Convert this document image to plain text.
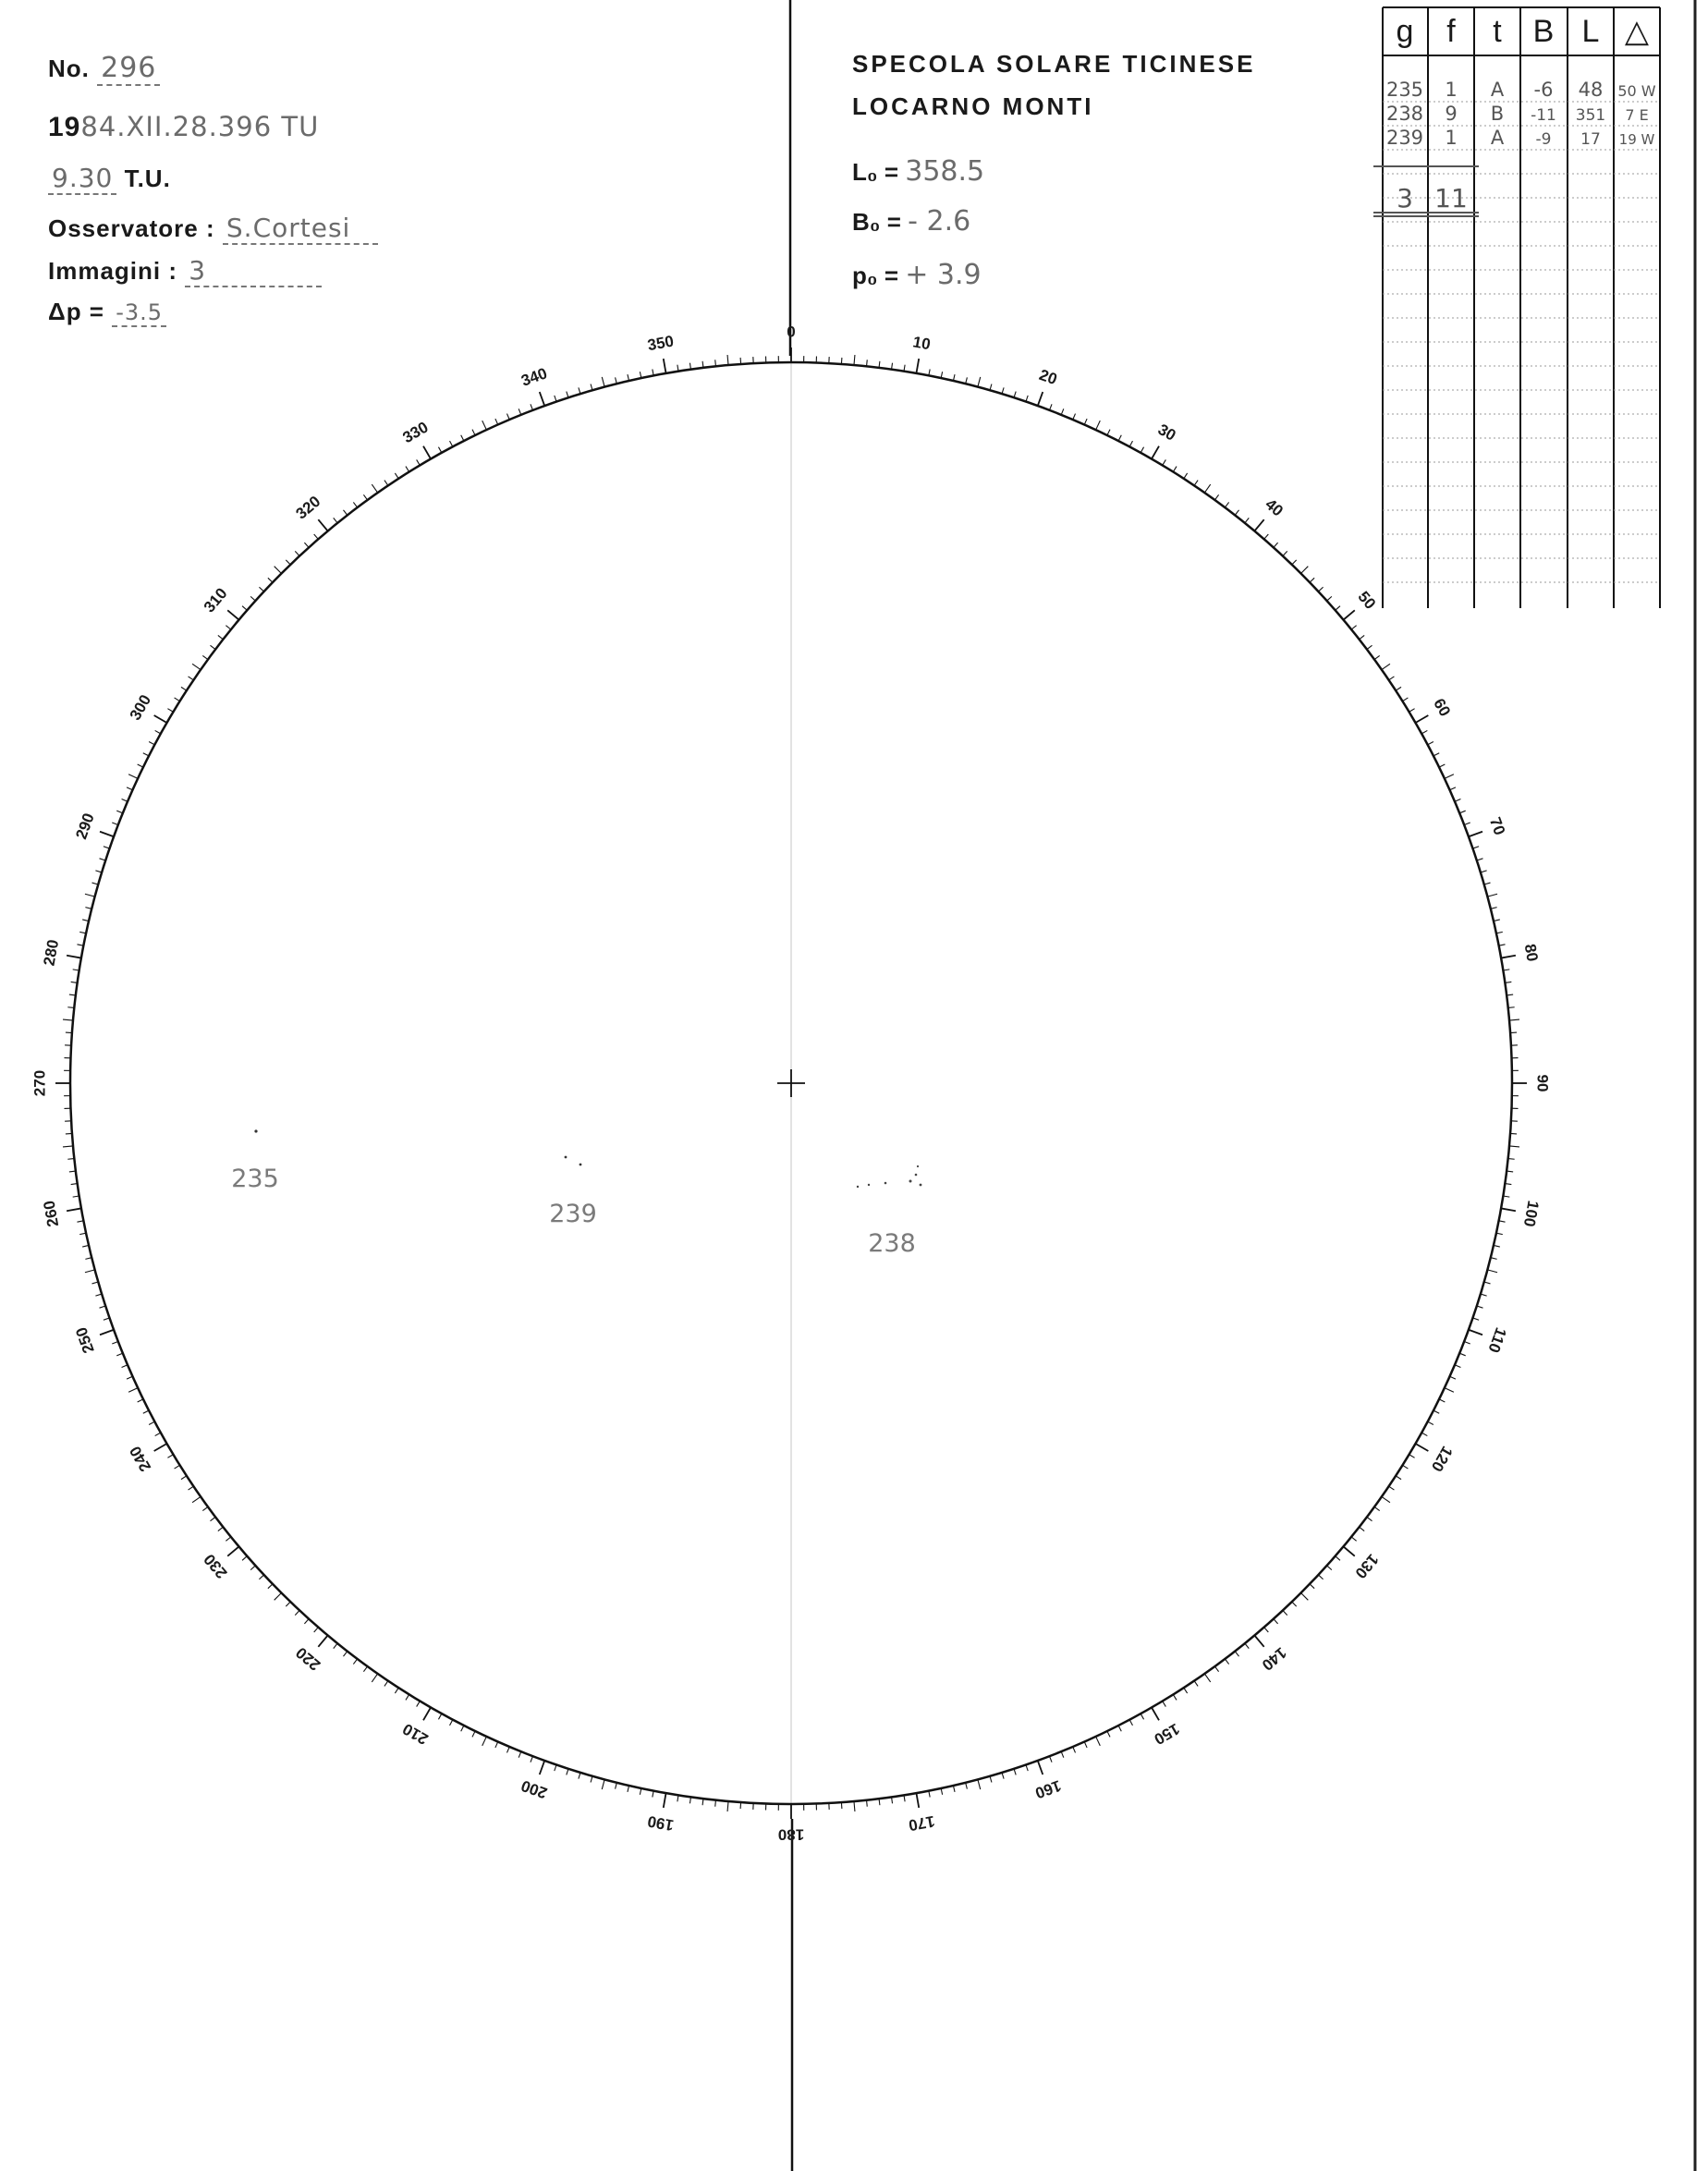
No. 296
1984.XII.28.396 TU
9.30 T.U.
Osservatore : S.Cortesi
Immagini : 3
Δp = -3.5
SPECOLA SOLARE TICINESE
LOCARNO MONTI
L₀ = 358.5
B₀ = - 2.6
p₀ = + 3.9
0
10
20
30
40
50
60
70
80
90
100
110
120
130
140
150
160
170
180
190
200
210
220
230
240
250
260
270
280
290
300
310
320
330
340
350
235
239
238
g f t B L △
235 1 A -6 48 50 W
238 9 B -11 351 7 E
239 1 A -9 17 19 W
3 11
